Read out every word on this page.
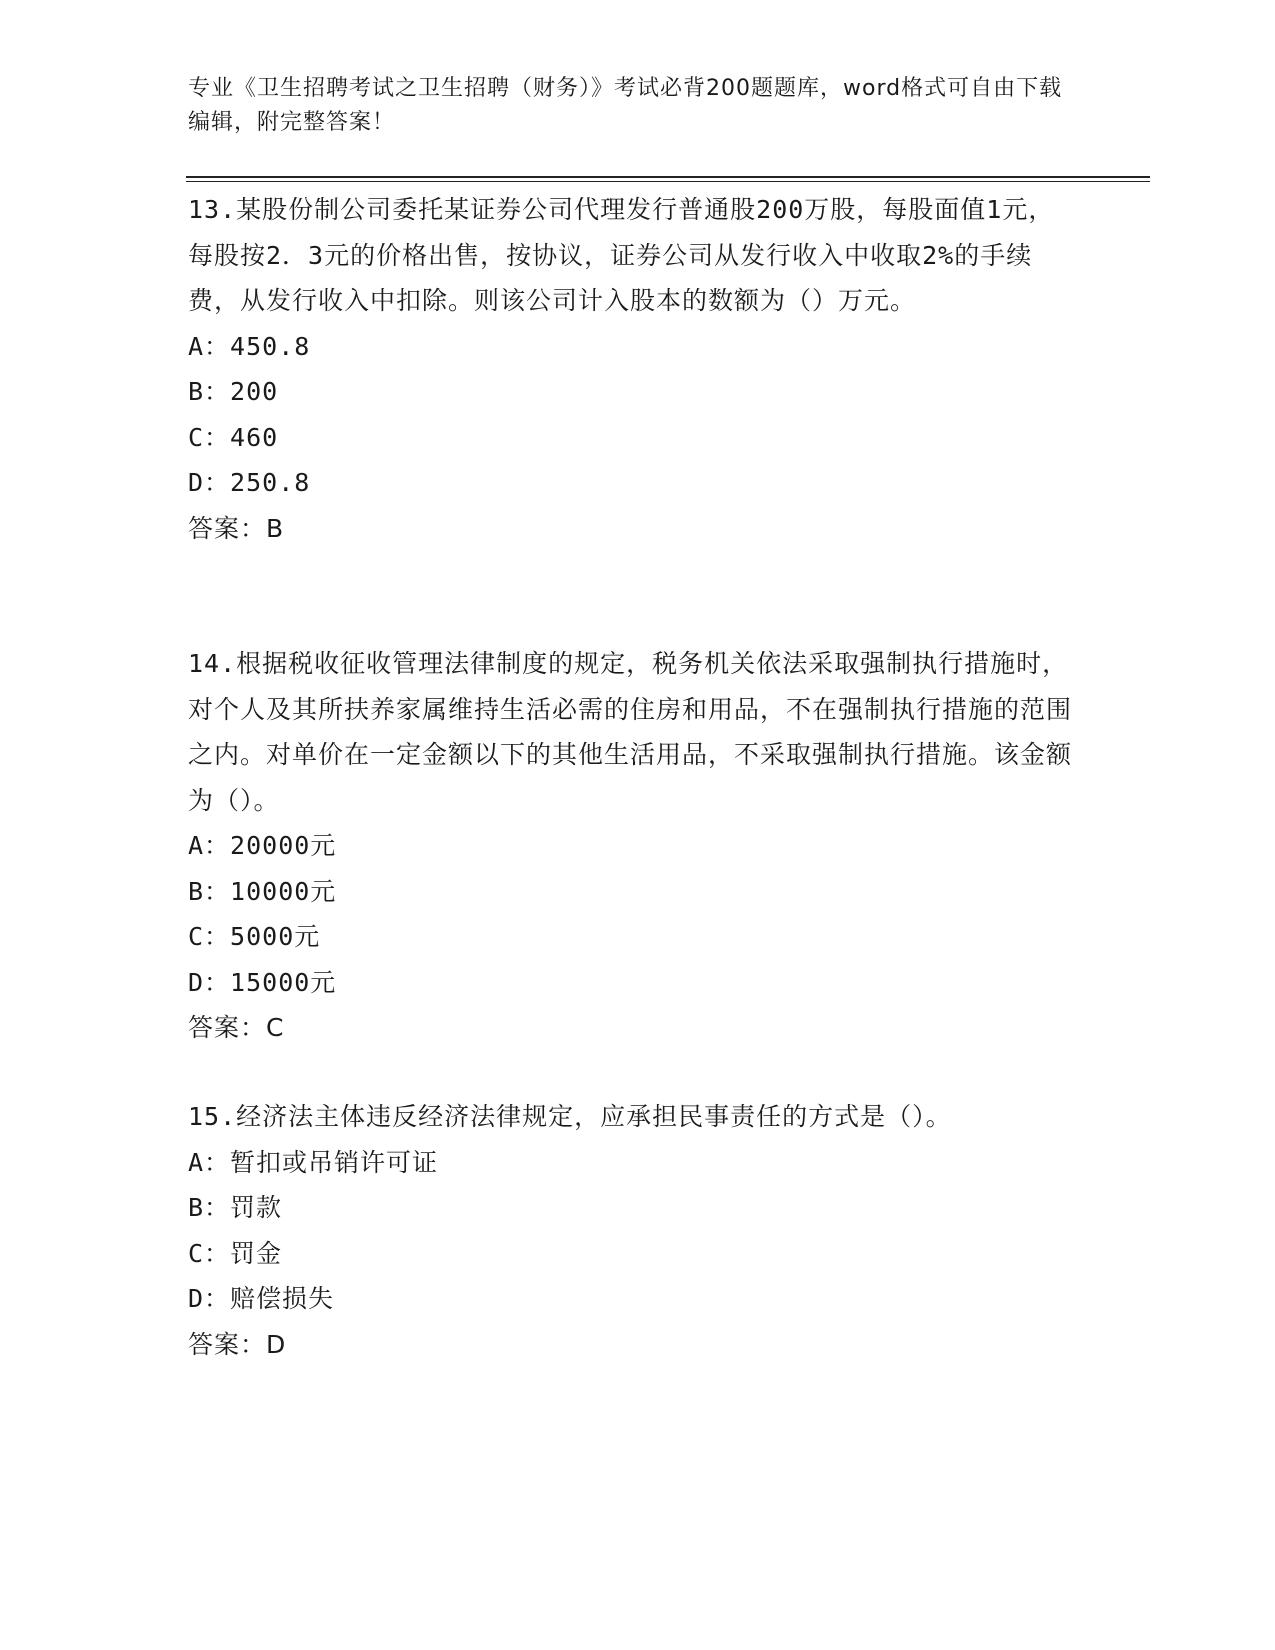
专业《卫生招聘考试之卫生招聘（财务）》考试必背200题题库，word格式可自由下载编辑，附完整答案！

13.某股份制公司委托某证券公司代理发行普通股200万股，每股面值1元，每股按2．3元的价格出售，按协议，证券公司从发行收入中收取2%的手续费，从发行收入中扣除。则该公司计入股本的数额为（）万元。

A：450.8

B：200

C：460

D：250.8

答案：B

14.根据税收征收管理法律制度的规定，税务机关依法采取强制执行措施时，对个人及其所扶养家属维持生活必需的住房和用品，不在强制执行措施的范围之内。对单价在一定金额以下的其他生活用品，不采取强制执行措施。该金额为（）。

A：20000元

B：10000元

C：5000元

D：15000元

答案：C

15.经济法主体违反经济法律规定，应承担民事责任的方式是（）。

A：暂扣或吊销许可证

B：罚款

C：罚金

D：赔偿损失

答案：D
